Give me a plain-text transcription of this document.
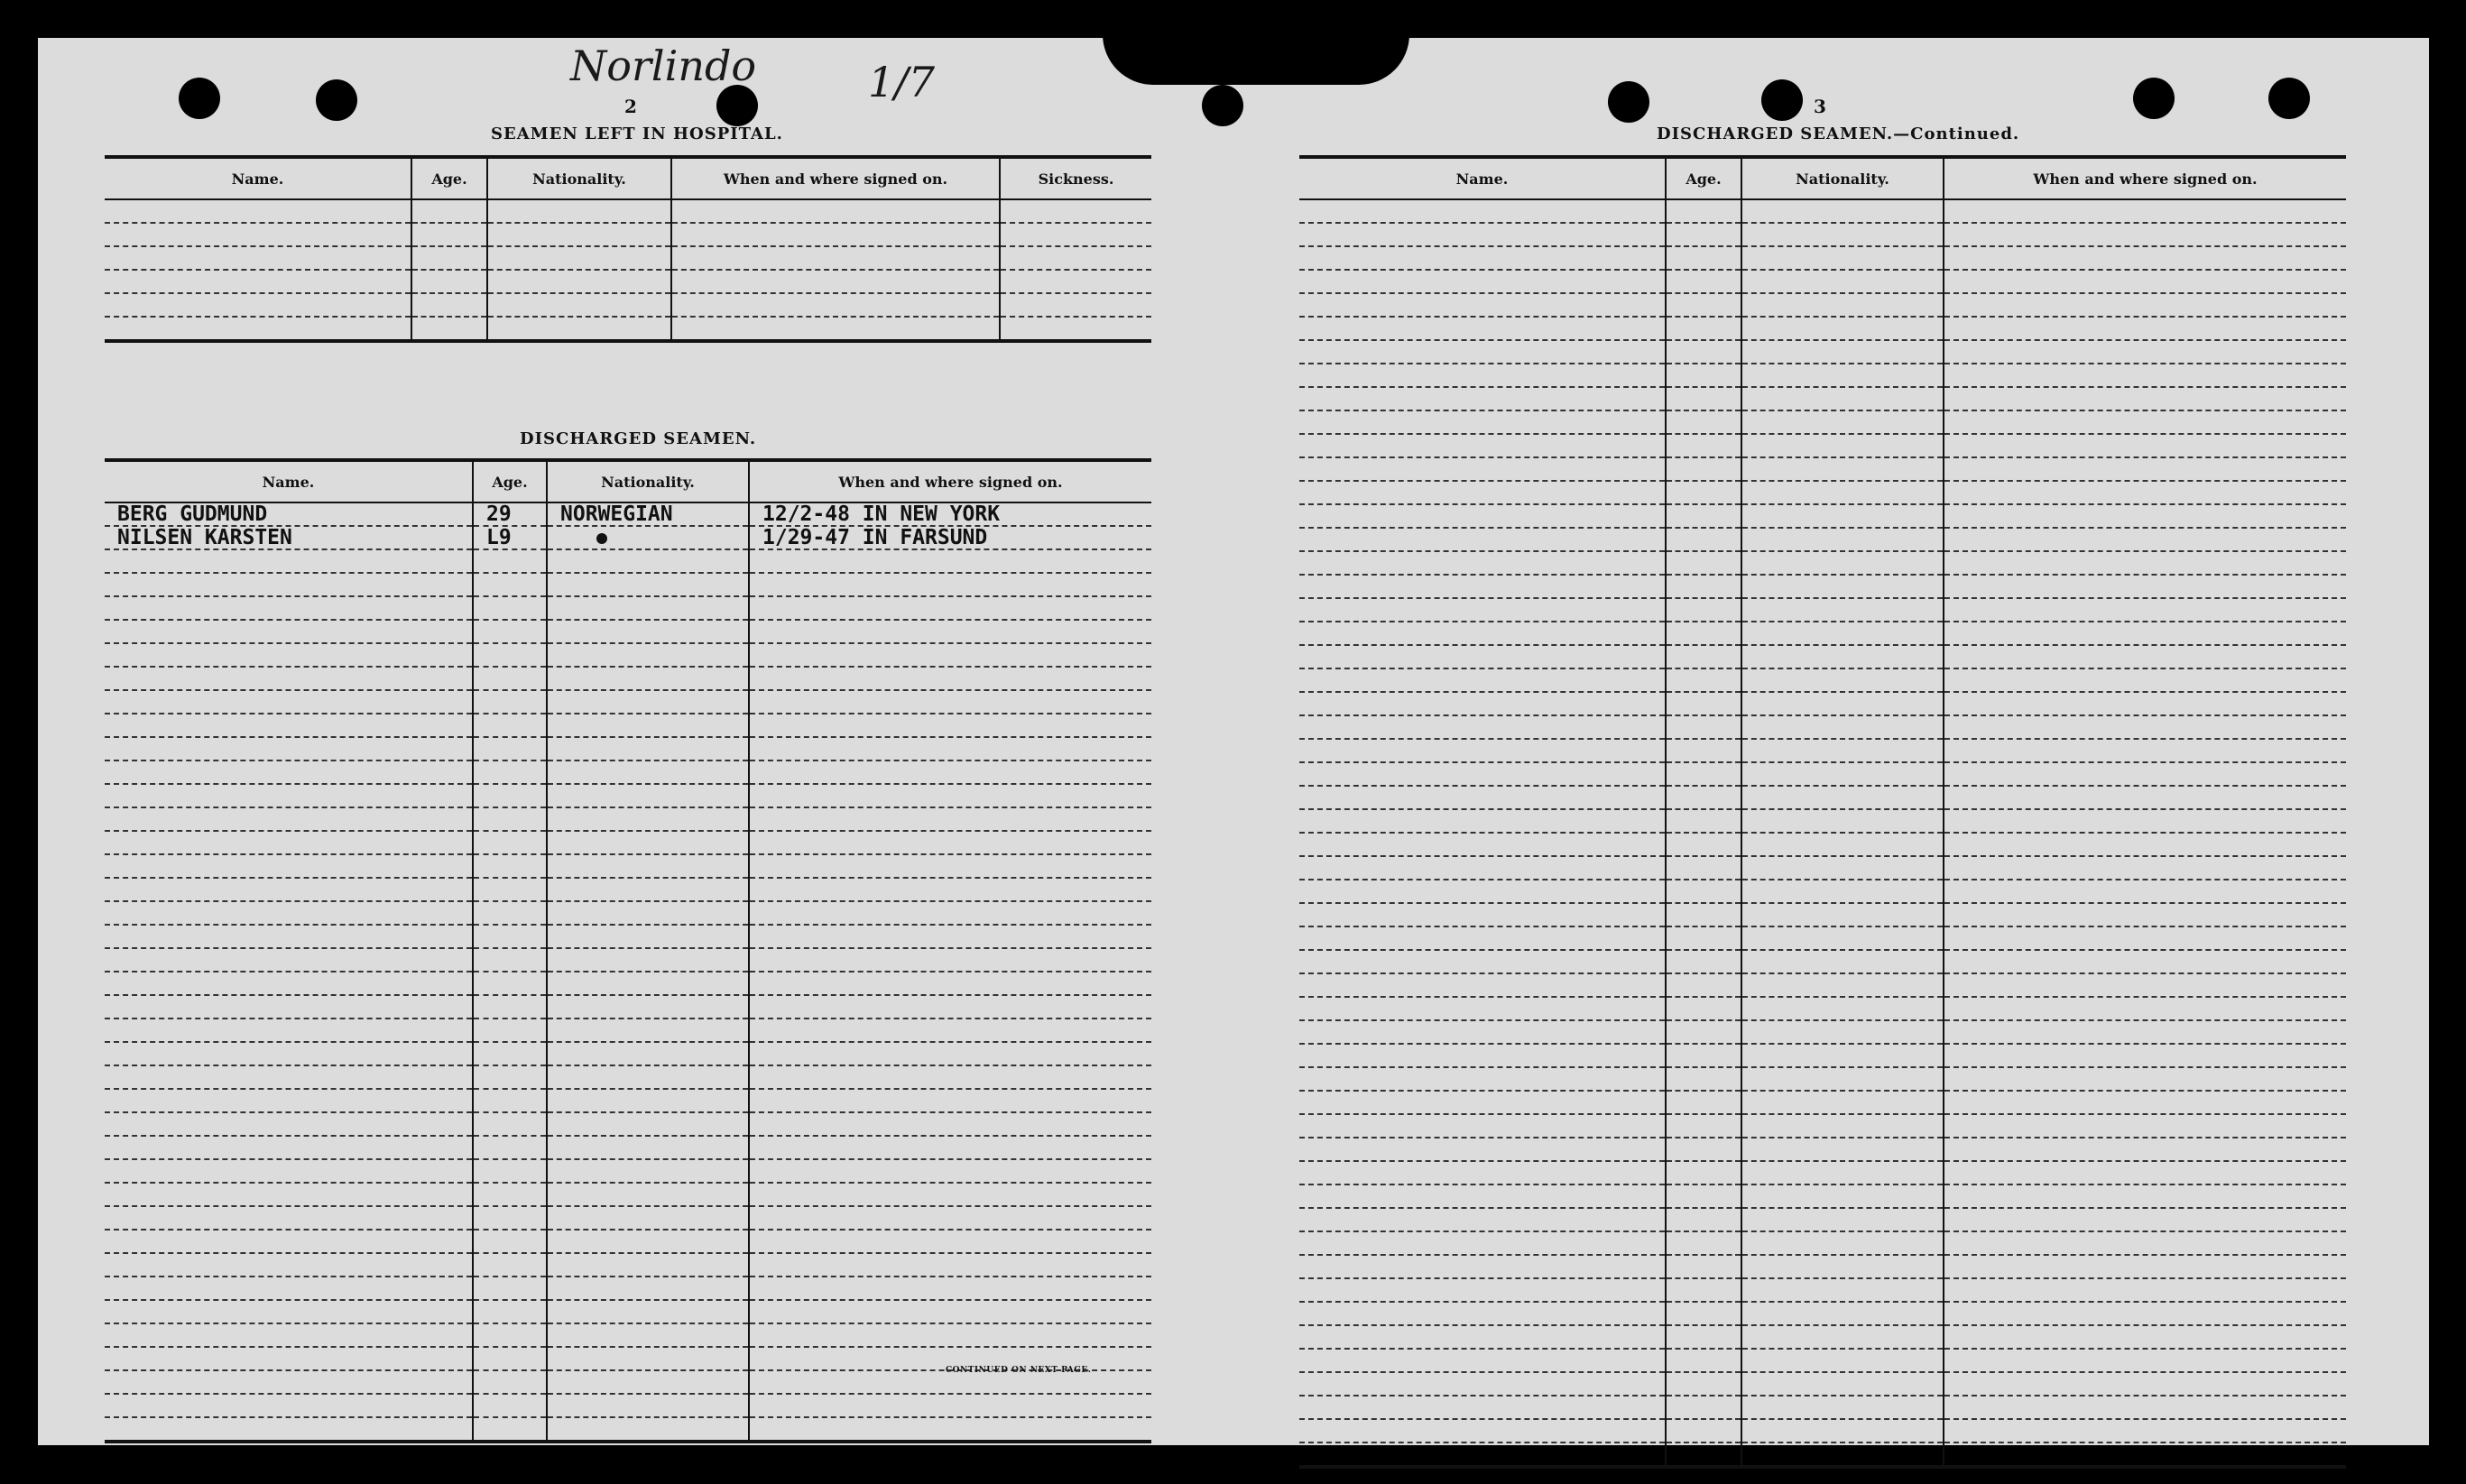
Norlindo	1/7
2
SEAMEN LEFT IN HOSPITAL.
Name.	Age.	Nationality.	When and where signed on.	Sickness.

DISCHARGED SEAMEN.
Name.	Age.	Nationality.	When and where signed on.
BERG GUDMUND	29	NORWEGIAN	12/2-48 IN NEW YORK
NILSEN KARSTEN	L9		1/29-47 IN FARSUND

CONTINUED ON NEXT PAGE.
3
DISCHARGED SEAMEN.—Continued.
Name.	Age.	Nationality.	When and where signed on.
